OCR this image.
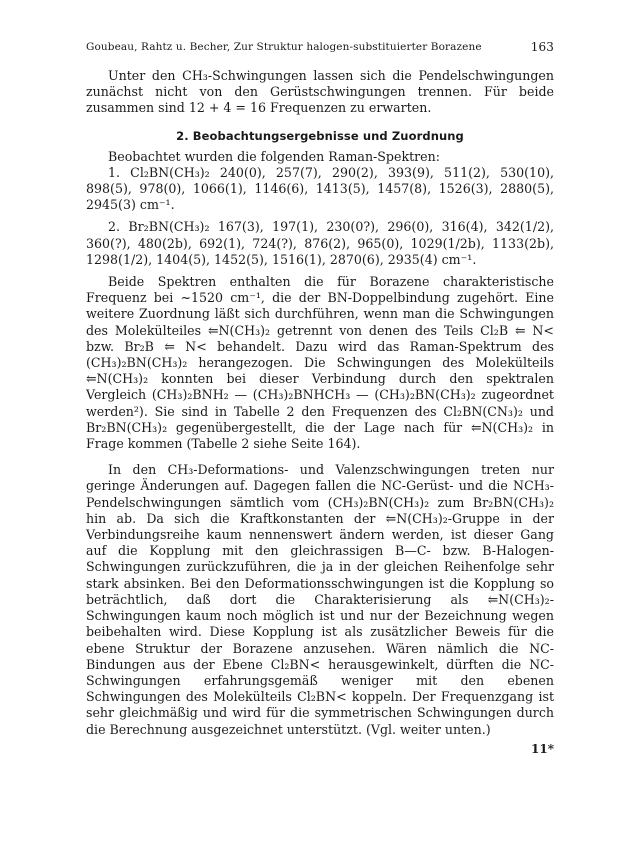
Goubeau, Rahtz u. Becher, Zur Struktur halogen-substituierter Borazene	163

Unter den CH₃-Schwingungen lassen sich die Pendelschwingungen zunächst nicht von den Gerüstschwingungen trennen. Für beide zusammen sind 12 + 4 = 16 Frequenzen zu erwarten.

2. Beobachtungsergebnisse und Zuordnung

Beobachtet wurden die folgenden Raman-Spektren:

1. Cl₂BN(CH₃)₂ 240(0), 257(7), 290(2), 393(9), 511(2), 530(10), 898(5), 978(0), 1066(1), 1146(6), 1413(5), 1457(8), 1526(3), 2880(5), 2945(3) cm⁻¹.

2. Br₂BN(CH₃)₂ 167(3), 197(1), 230(0?), 296(0), 316(4), 342(1/2), 360(?), 480(2b), 692(1), 724(?), 876(2), 965(0), 1029(1/2b), 1133(2b), 1298(1/2), 1404(5), 1452(5), 1516(1), 2870(6), 2935(4) cm⁻¹.

Beide Spektren enthalten die für Borazene charakteristische Frequenz bei ~1520 cm⁻¹, die der BN-Doppelbindung zugehört. Eine weitere Zuordnung läßt sich durchführen, wenn man die Schwingungen des Molekülteiles ⥢N(CH₃)₂ getrennt von denen des Teils Cl₂B ⥢ N< bzw. Br₂B ⥢ N< behandelt. Dazu wird das Raman-Spektrum des (CH₃)₂BN(CH₃)₂ herangezogen. Die Schwingungen des Molekülteils ⥢N(CH₃)₂ konnten bei dieser Verbindung durch den spektralen Vergleich (CH₃)₂BNH₂ — (CH₃)₂BNHCH₃ — (CH₃)₂BN(CH₃)₂ zugeordnet werden²). Sie sind in Tabelle 2 den Frequenzen des Cl₂BN(CN₃)₂ und Br₂BN(CH₃)₂ gegenübergestellt, die der Lage nach für ⥢N(CH₃)₂ in Frage kommen (Tabelle 2 siehe Seite 164).

In den CH₃-Deformations- und Valenzschwingungen treten nur geringe Änderungen auf. Dagegen fallen die NC-Gerüst- und die NCH₃-Pendelschwingungen sämtlich vom (CH₃)₂BN(CH₃)₂ zum Br₂BN(CH₃)₂ hin ab. Da sich die Kraftkonstanten der ⥢N(CH₃)₂-Gruppe in der Verbindungsreihe kaum nennenswert ändern werden, ist dieser Gang auf die Kopplung mit den gleichrassigen B—C- bzw. B-Halogen-Schwingungen zurückzuführen, die ja in der gleichen Reihenfolge sehr stark absinken. Bei den Deformationsschwingungen ist die Kopplung so beträchtlich, daß dort die Charakterisierung als ⥢N(CH₃)₂-Schwingungen kaum noch möglich ist und nur der Bezeichnung wegen beibehalten wird. Diese Kopplung ist als zusätzlicher Beweis für die ebene Struktur der Borazene anzusehen. Wären nämlich die NC-Bindungen aus der Ebene Cl₂BN< herausgewinkelt, dürften die NC-Schwingungen erfahrungsgemäß weniger mit den ebenen Schwingungen des Molekülteils Cl₂BN< koppeln. Der Frequenzgang ist sehr gleichmäßig und wird für die symmetrischen Schwingungen durch die Berechnung ausgezeichnet unterstützt. (Vgl. weiter unten.)

11*
